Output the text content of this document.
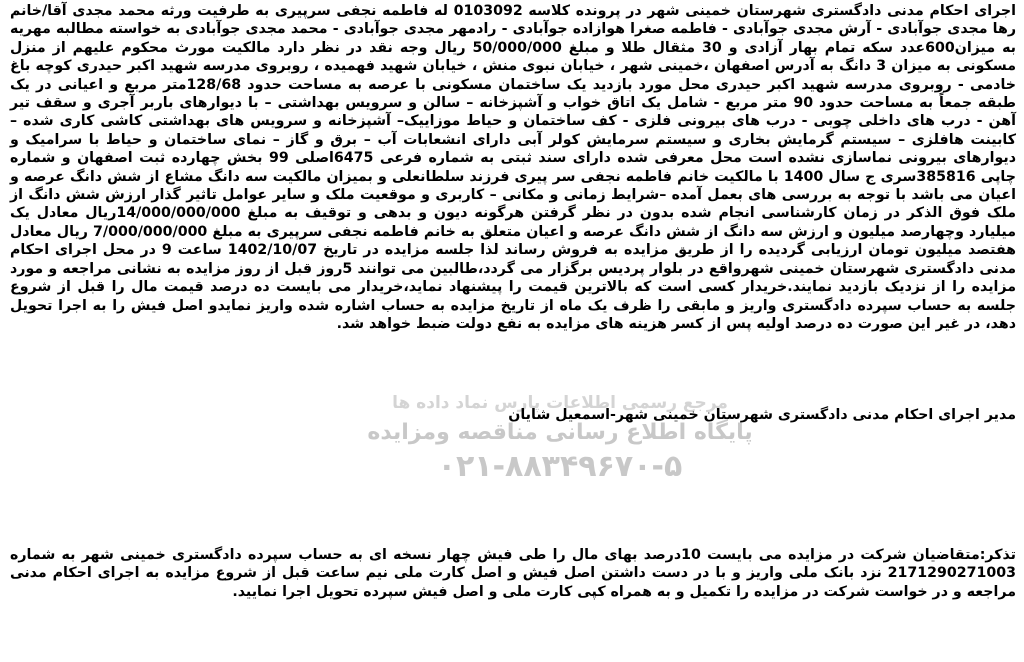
اجرای احکام مدنی دادگستری شهرستان خمینی شهر در پرونده کلاسه 0103092 له فاطمه نجفی سرپیری به طرفیت ورثه محمد مجدی آقا/خانم رها مجدی جوآبادی - آرش مجدی جوآبادی - فاطمه صغرا هوازاده جوآبادی - رادمهر مجدی جوآبادی - محمد مجدی جوآبادی به خواسته مطالبه مهریه به میزان600عدد سکه تمام بهار آزادی و 30 مثقال طلا و مبلغ 50/000/000 ریال وجه نقد در نظر دارد مالکیت مورث محکوم علیهم از منزل مسکونی به میزان 3 دانگ به آدرس اصفهان ،خمینی شهر ، خیابان نبوی منش ، خیابان شهید فهمیده ، روبروی مدرسه شهید اکبر حیدری کوچه باغ خادمی - روبروی مدرسه شهید اکبر حیدری محل مورد بازدید یک ساختمان مسکونی با عرصه به مساحت حدود 128/68متر مربع و اعیانی در یک طبقه جمعاً به مساحت حدود 90 متر مربع - شامل یک اتاق خواب و آشپزخانه – سالن و سرویس بهداشتی – با دیوارهای باربر آجری و سقف تیر آهن - درب های داخلی چوبی - درب های بیرونی فلزی - کف ساختمان و حیاط موزاییک– آشپزخانه و سرویس های بهداشتی کاشی کاری شده – کابینت هافلزی – سیستم گرمایش بخاری و سیستم سرمایش کولر آبی دارای انشعابات آب – برق و گاز – نمای ساختمان و حیاط با سرامیک و دیوارهای بیرونی نماسازی نشده است محل معرفی شده دارای سند ثبتی به شماره فرعی 6475اصلی 99 بخش چهارده ثبت اصفهان و شماره چاپی 385816سری ج سال 1400 با مالکیت خانم فاطمه نجفی سر پیری فرزند سلطانعلی و بمیزان مالکیت سه دانگ مشاع از شش دانگ عرصه و اعیان می باشد با توجه به بررسی های بعمل آمده –شرایط زمانی و مکانی – کاربری و موقعیت ملک و سایر عوامل تاثیر گذار ارزش شش دانگ از ملک فوق الذکر در زمان کارشناسی انجام شده بدون در نظر گرفتن هرگونه دیون و بدهی و توقیف به مبلغ 14/000/000/000ریال معادل یک میلیارد وچهارصد میلیون و ارزش سه دانگ از شش دانگ عرصه و اعیان متعلق به خانم فاطمه نجفی سرپیری به مبلغ 7/000/000/000 ریال معادل هفتصد میلیون تومان ارزیابی گردیده را از طریق مزایده به فروش رساند لذا جلسه مزایده در تاریخ 1402/10/07 ساعت 9 در محل اجرای احکام مدنی دادگستری شهرستان خمینی شهرواقع در بلوار پردیس برگزار می گردد،طالبین می توانند 5روز قبل از روز مزایده به نشانی مراجعه و مورد مزایده را از نزدیک بازدید نمایند.خریدار کسی است که بالاترین قیمت را پیشنهاد نماید،خریدار می بایست ده درصد قیمت مال را قبل از شروع جلسه به حساب سپرده دادگستری واریز و مابقی را ظرف یک ماه از تاریخ مزایده به حساب اشاره شده واریز نمایدو اصل فیش را به اجرا تحویل دهد، در غیر این صورت ده درصد اولیه پس از کسر هزینه های مزایده به نفع دولت ضبط خواهد شد.
مرجع رسمی اطلاعات پارس نماد داده ها
پایگاه اطلاع رسانی مناقصه ومزایده
۰۲۱-۸۸۳۴۹۶۷۰-۵
مدیر اجرای احکام مدنی دادگستری شهرستان خمینی شهر-اسمعیل شایان
تذکر:متقاضیان شرکت در مزایده می بایست 10درصد بهای مال را طی فیش چهار نسخه ای به حساب سپرده دادگستری خمینی شهر به شماره 2171290271003 نزد بانک ملی واریز و با در دست داشتن اصل فیش و اصل کارت ملی نیم ساعت قبل از شروع مزایده به اجرای احکام مدنی مراجعه و در خواست شرکت در مزایده را تکمیل و به همراه کپی کارت ملی و اصل فیش سپرده تحویل اجرا نمایید.
